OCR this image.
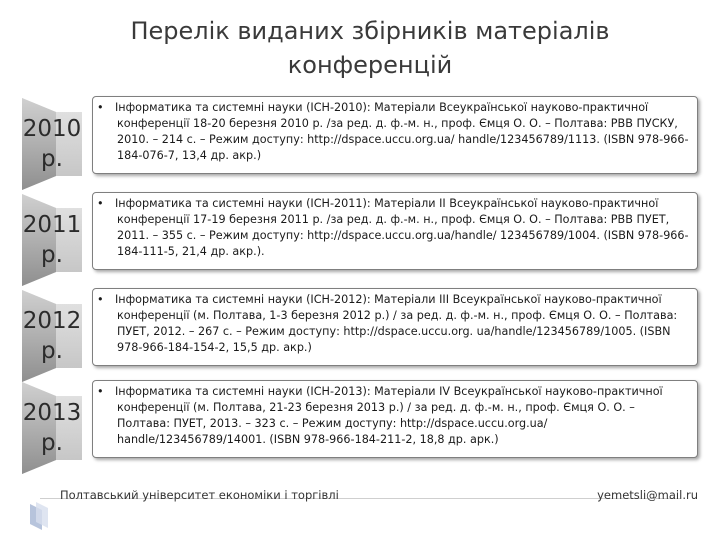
Перелік виданих збірників матеріалів
конференцій
2010
р.
•	Інформатика та системні науки (ІСН-2010): Матеріали Всеукраїнської науково-практичної конференції 18-20 березня 2010 р. /за ред. д. ф.-м. н., проф. Ємця О. О. – Полтава: РВВ ПУСКУ, 2010. – 214 с. – Режим доступу: http://dspace.uccu.org.ua/ handle/123456789/1113. (ISBN 978-966-184-076-7, 13,4 др. акр.)
2011
р.
•	Інформатика та системні науки (ІСН-2011): Матеріали ІІ Всеукраїнської науково-практичної конференції 17-19 березня 2011 р. /за ред. д. ф.-м. н., проф. Ємця О. О. – Полтава: РВВ ПУЕТ, 2011. – 355 с. – Режим доступу: http://dspace.uccu.org.ua/handle/ 123456789/1004. (ISBN 978-966-184-111-5, 21,4 др. акр.).
2012
р.
•	Інформатика та системні науки (ІСН-2012): Матеріали ІІІ Всеукраїнської науково-практичної конференції (м. Полтава, 1-3 березня 2012 р.) / за ред. д. ф.-м. н., проф. Ємця О. О. – Полтава: ПУЕТ, 2012. – 267 с. – Режим доступу: http://dspace.uccu.org. ua/handle/123456789/1005. (ISBN 978-966-184-154-2, 15,5 др. акр.)
2013
р.
•	Інформатика та системні науки (ІСН-2013): Матеріали IV Всеукраїнської науково-практичної конференції (м. Полтава, 21-23 березня 2013 р.) / за ред. д. ф.-м. н., проф. Ємця О. О. – Полтава: ПУЕТ, 2013. – 323 с. – Режим доступу: http://dspace.uccu.org.ua/ handle/123456789/14001. (ISBN 978-966-184-211-2, 18,8 др. арк.)
Полтавський університет економіки і торгівлі	yemetsli@mail.ru
